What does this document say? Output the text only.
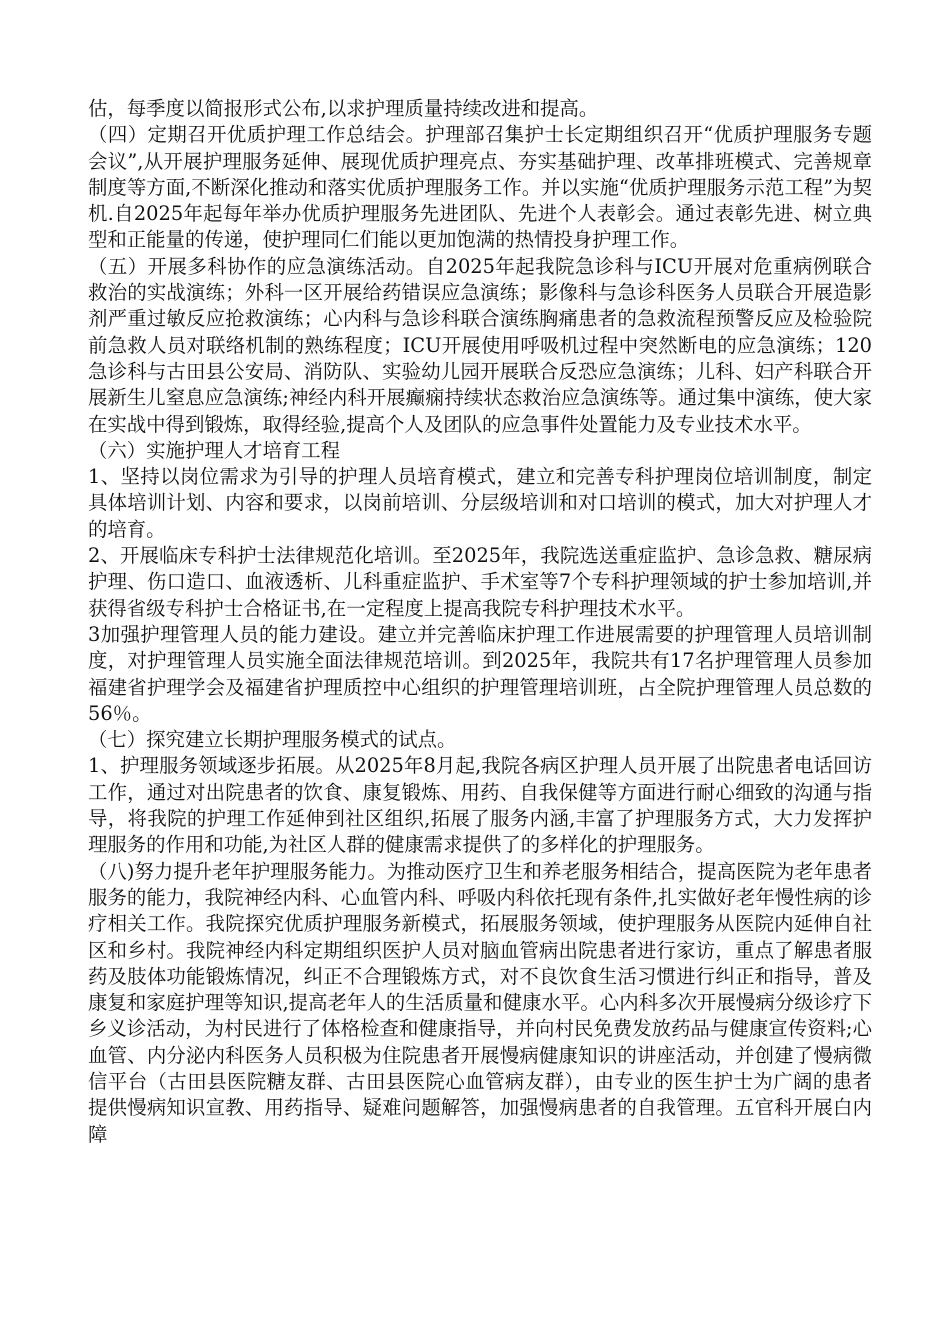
估，每季度以简报形式公布,以求护理质量持续改进和提高。

（四）定期召开优质护理工作总结会。护理部召集护士长定期组织召开“优质护理服务专题会议”,从开展护理服务延伸、展现优质护理亮点、夯实基础护理、改革排班模式、完善规章制度等方面,不断深化推动和落实优质护理服务工作。并以实施“优质护理服务示范工程”为契机.自2025年起每年举办优质护理服务先进团队、先进个人表彰会。通过表彰先进、树立典型和正能量的传递，使护理同仁们能以更加饱满的热情投身护理工作。

（五）开展多科协作的应急演练活动。自2025年起我院急诊科与ICU开展对危重病例联合救治的实战演练；外科一区开展给药错误应急演练；影像科与急诊科医务人员联合开展造影剂严重过敏反应抢救演练；心内科与急诊科联合演练胸痛患者的急救流程预警反应及检验院前急救人员对联络机制的熟练程度；ICU开展使用呼吸机过程中突然断电的应急演练；120急诊科与古田县公安局、消防队、实验幼儿园开展联合反恐应急演练；儿科、妇产科联合开展新生儿窒息应急演练;神经内科开展癫痫持续状态救治应急演练等。通过集中演练，使大家在实战中得到锻炼，取得经验,提高个人及团队的应急事件处置能力及专业技术水平。

（六）实施护理人才培育工程

1、坚持以岗位需求为引导的护理人员培育模式，建立和完善专科护理岗位培训制度，制定具体培训计划、内容和要求，以岗前培训、分层级培训和对口培训的模式，加大对护理人才的培育。

2、开展临床专科护士法律规范化培训。至2025年，我院选送重症监护、急诊急救、糖尿病护理、伤口造口、血液透析、儿科重症监护、手术室等7个专科护理领域的护士参加培训,并获得省级专科护士合格证书,在一定程度上提高我院专科护理技术水平。

3加强护理管理人员的能力建设。建立并完善临床护理工作进展需要的护理管理人员培训制度，对护理管理人员实施全面法律规范培训。到2025年，我院共有17名护理管理人员参加福建省护理学会及福建省护理质控中心组织的护理管理培训班，占全院护理管理人员总数的56％。

（七）探究建立长期护理服务模式的试点。

1、护理服务领域逐步拓展。从2025年8月起,我院各病区护理人员开展了出院患者电话回访工作，通过对出院患者的饮食、康复锻炼、用药、自我保健等方面进行耐心细致的沟通与指导，将我院的护理工作延伸到社区组织,拓展了服务内涵,丰富了护理服务方式，大力发挥护理服务的作用和功能,为社区人群的健康需求提供了的多样化的护理服务。

（八)努力提升老年护理服务能力。为推动医疗卫生和养老服务相结合，提高医院为老年患者服务的能力，我院神经内科、心血管内科、呼吸内科依托现有条件,扎实做好老年慢性病的诊疗相关工作。我院探究优质护理服务新模式，拓展服务领域，使护理服务从医院内延伸自社区和乡村。我院神经内科定期组织医护人员对脑血管病出院患者进行家访，重点了解患者服药及肢体功能锻炼情况，纠正不合理锻炼方式，对不良饮食生活习惯进行纠正和指导，普及康复和家庭护理等知识,提高老年人的生活质量和健康水平。心内科多次开展慢病分级诊疗下乡义诊活动，为村民进行了体格检查和健康指导，并向村民免费发放药品与健康宣传资料;心血管、内分泌内科医务人员积极为住院患者开展慢病健康知识的讲座活动，并创建了慢病微信平台（古田县医院糖友群、古田县医院心血管病友群），由专业的医生护士为广阔的患者提供慢病知识宣教、用药指导、疑难问题解答，加强慢病患者的自我管理。五官科开展白内障
